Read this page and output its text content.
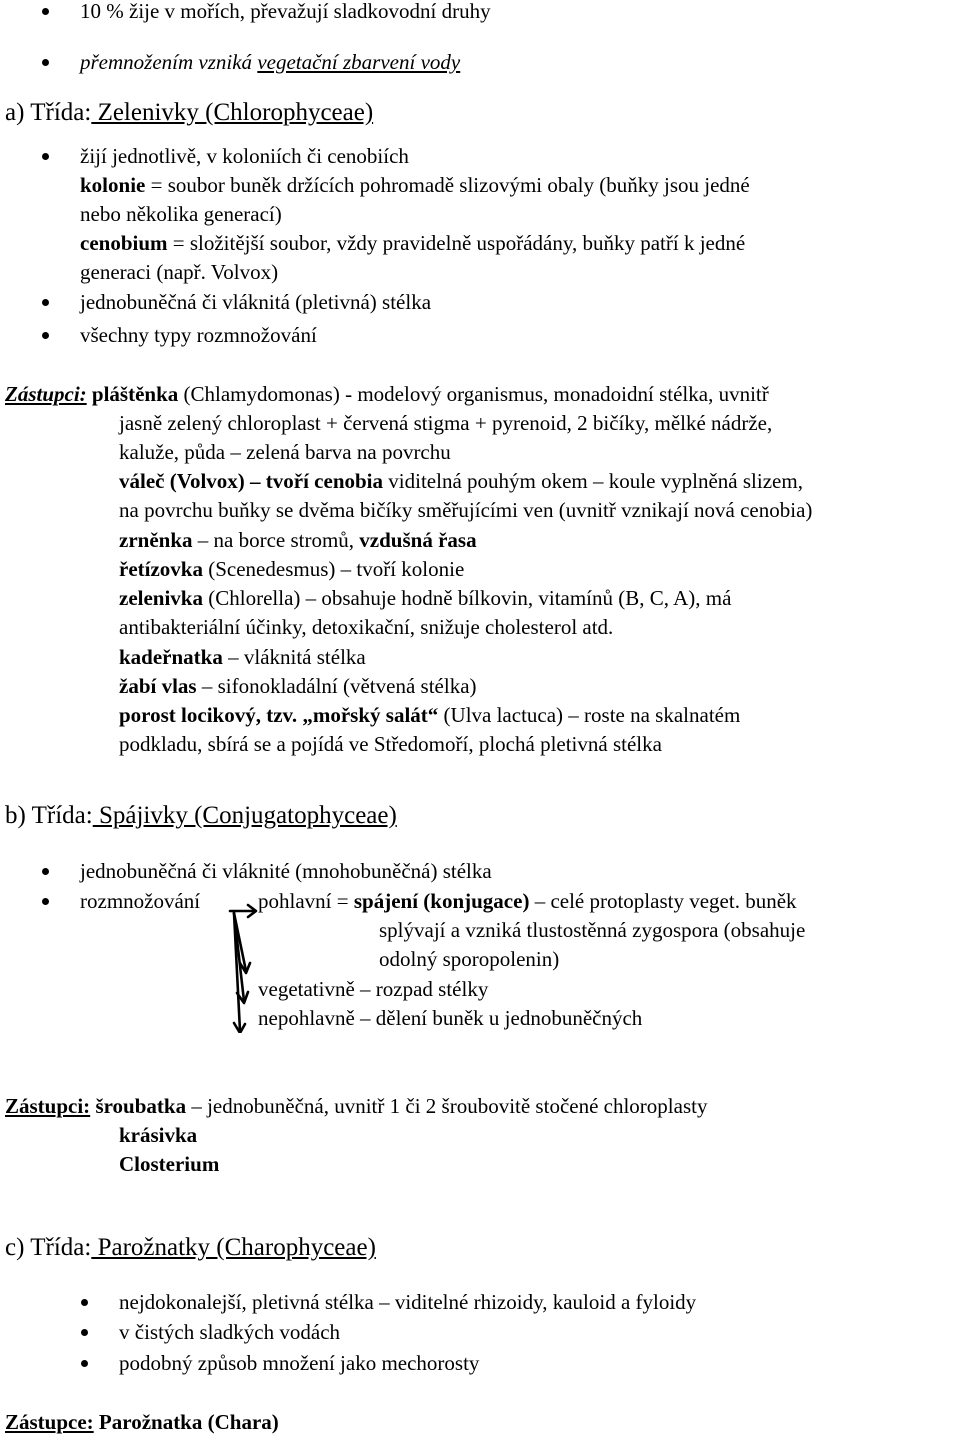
10 % žije v mořích, převažují sladkovodní druhy
přemnožením vzniká vegetační zbarvení vody
a) Třída: Zelenivky (Chlorophyceae)
žijí jednotlivě, v koloniích či cenobiích
kolonie = soubor buněk držících pohromadě slizovými obaly (buňky jsou jedné
nebo několika generací)
cenobium = složitější soubor, vždy pravidelně uspořádány, buňky patří k jedné
generaci (např. Volvox)
jednobuněčná či vláknitá (pletivná) stélka
všechny typy rozmnožování
Zástupci: pláštěnka (Chlamydomonas) - modelový organismus, monadoidní stélka, uvnitř
jasně zelený chloroplast + červená stigma + pyrenoid, 2 bičíky, mělké nádrže,
kaluže, půda – zelená barva na povrchu
váleč (Volvox) – tvoří cenobia viditelná pouhým okem – koule vyplněná slizem,
na povrchu buňky se dvěma bičíky směřujícími ven (uvnitř vznikají nová cenobia)
zrněnka – na borce stromů, vzdušná řasa
řetízovka (Scenedesmus) – tvoří kolonie
zelenivka (Chlorella) – obsahuje hodně bílkovin, vitamínů (B, C, A), má
antibakteriální účinky, detoxikační, snižuje cholesterol atd.
kadeřnatka – vláknitá stélka
žabí vlas – sifonokladální (větvená stélka)
porost locikový, tzv. „mořský salát“ (Ulva lactuca) – roste na skalnatém
podkladu, sbírá se a pojídá ve Středomoří, plochá pletivná stélka
b) Třída: Spájivky (Conjugatophyceae)
jednobuněčná či vláknité (mnohobuněčná) stélka
rozmnožování	pohlavní = spájení (konjugace) – celé protoplasty veget. buněk
splývají a vzniká tlustostěnná zygospora (obsahuje
odolný sporopolenin)
vegetativně – rozpad stélky
nepohlavně – dělení buněk u jednobuněčných
Zástupci: šroubatka – jednobuněčná, uvnitř 1 či 2 šroubovitě stočené chloroplasty
krásivka
Closterium
c) Třída: Parožnatky (Charophyceae)
nejdokonalejší, pletivná stélka – viditelné rhizoidy, kauloid a fyloidy
v čistých sladkých vodách
podobný způsob množení jako mechorosty
Zástupce: Parožnatka (Chara)
